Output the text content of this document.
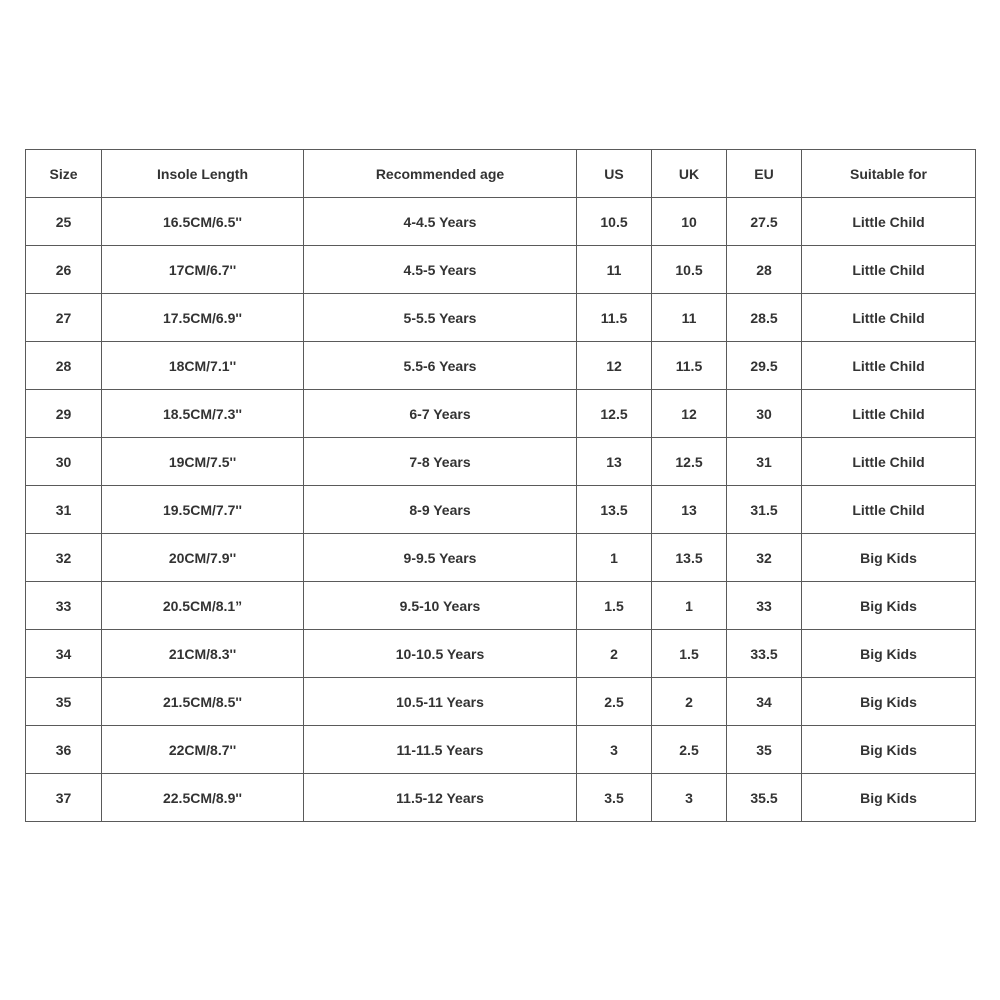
Size	Insole Length	Recommended age	US	UK	EU	Suitable for
25	16.5CM/6.5''	4-4.5 Years	10.5	10	27.5	Little Child
26	17CM/6.7''	4.5-5 Years	11	10.5	28	Little Child
27	17.5CM/6.9''	5-5.5 Years	11.5	11	28.5	Little Child
28	18CM/7.1''	5.5-6 Years	12	11.5	29.5	Little Child
29	18.5CM/7.3''	6-7 Years	12.5	12	30	Little Child
30	19CM/7.5''	7-8 Years	13	12.5	31	Little Child
31	19.5CM/7.7''	8-9 Years	13.5	13	31.5	Little Child
32	20CM/7.9''	9-9.5 Years	1	13.5	32	Big Kids
33	20.5CM/8.1”	9.5-10 Years	1.5	1	33	Big Kids
34	21CM/8.3''	10-10.5 Years	2	1.5	33.5	Big Kids
35	21.5CM/8.5''	10.5-11 Years	2.5	2	34	Big Kids
36	22CM/8.7''	11-11.5 Years	3	2.5	35	Big Kids
37	22.5CM/8.9''	11.5-12 Years	3.5	3	35.5	Big Kids
